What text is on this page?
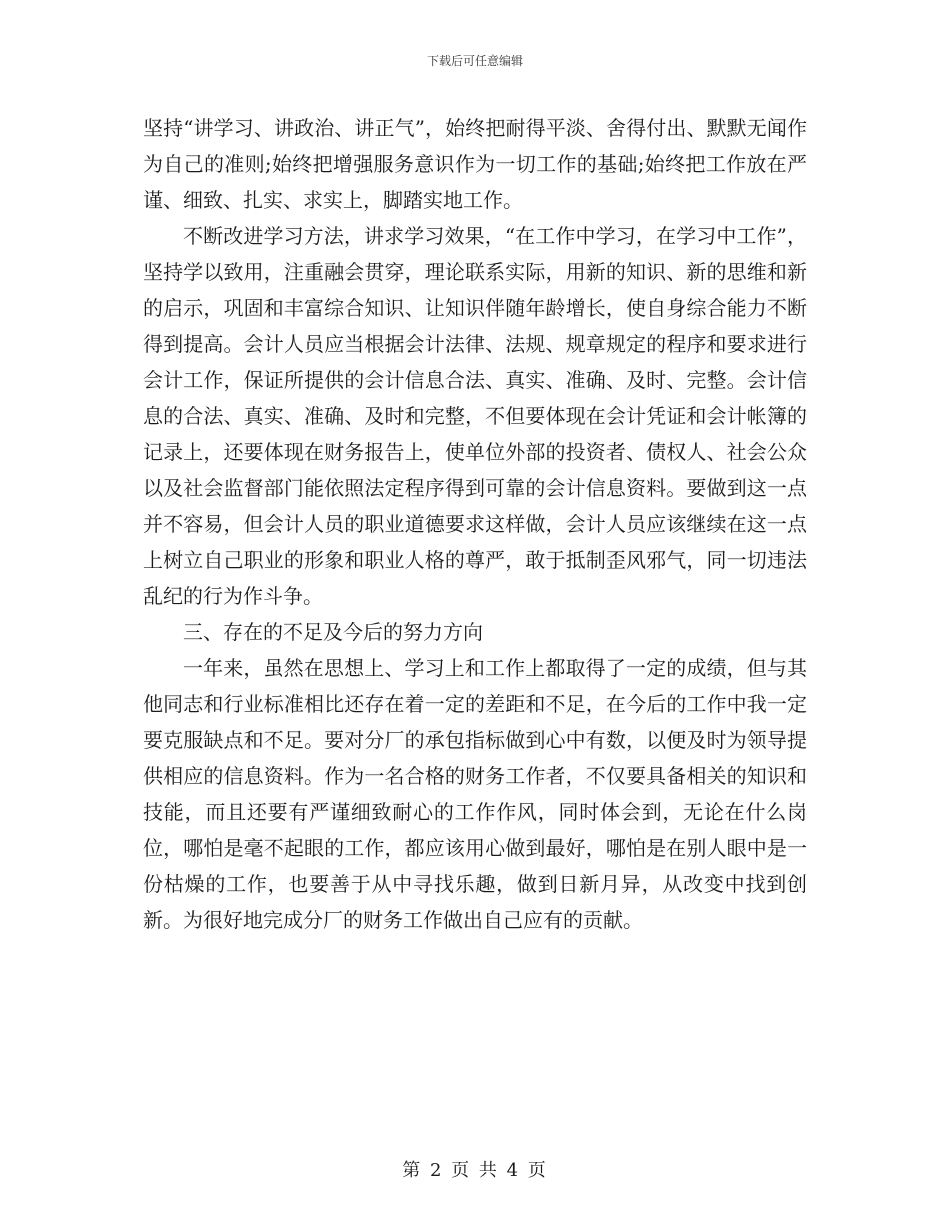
下载后可任意编辑

坚持“讲学习、讲政治、讲正气”，始终把耐得平淡、舍得付出、默默无闻作为自己的准则;始终把增强服务意识作为一切工作的基础;始终把工作放在严谨、细致、扎实、求实上，脚踏实地工作。

不断改进学习方法，讲求学习效果，“在工作中学习，在学习中工作”，坚持学以致用，注重融会贯穿，理论联系实际，用新的知识、新的思维和新的启示，巩固和丰富综合知识、让知识伴随年龄增长，使自身综合能力不断得到提高。会计人员应当根据会计法律、法规、规章规定的程序和要求进行会计工作，保证所提供的会计信息合法、真实、准确、及时、完整。会计信息的合法、真实、准确、及时和完整，不但要体现在会计凭证和会计帐簿的记录上，还要体现在财务报告上，使单位外部的投资者、债权人、社会公众以及社会监督部门能依照法定程序得到可靠的会计信息资料。要做到这一点并不容易，但会计人员的职业道德要求这样做，会计人员应该继续在这一点上树立自己职业的形象和职业人格的尊严，敢于抵制歪风邪气，同一切违法乱纪的行为作斗争。

三、存在的不足及今后的努力方向

一年来，虽然在思想上、学习上和工作上都取得了一定的成绩，但与其他同志和行业标准相比还存在着一定的差距和不足，在今后的工作中我一定要克服缺点和不足。要对分厂的承包指标做到心中有数，以便及时为领导提供相应的信息资料。作为一名合格的财务工作者，不仅要具备相关的知识和技能，而且还要有严谨细致耐心的工作作风，同时体会到，无论在什么岗位，哪怕是毫不起眼的工作，都应该用心做到最好，哪怕是在别人眼中是一份枯燥的工作，也要善于从中寻找乐趣，做到日新月异，从改变中找到创新。为很好地完成分厂的财务工作做出自己应有的贡献。

第 2 页 共 4 页
